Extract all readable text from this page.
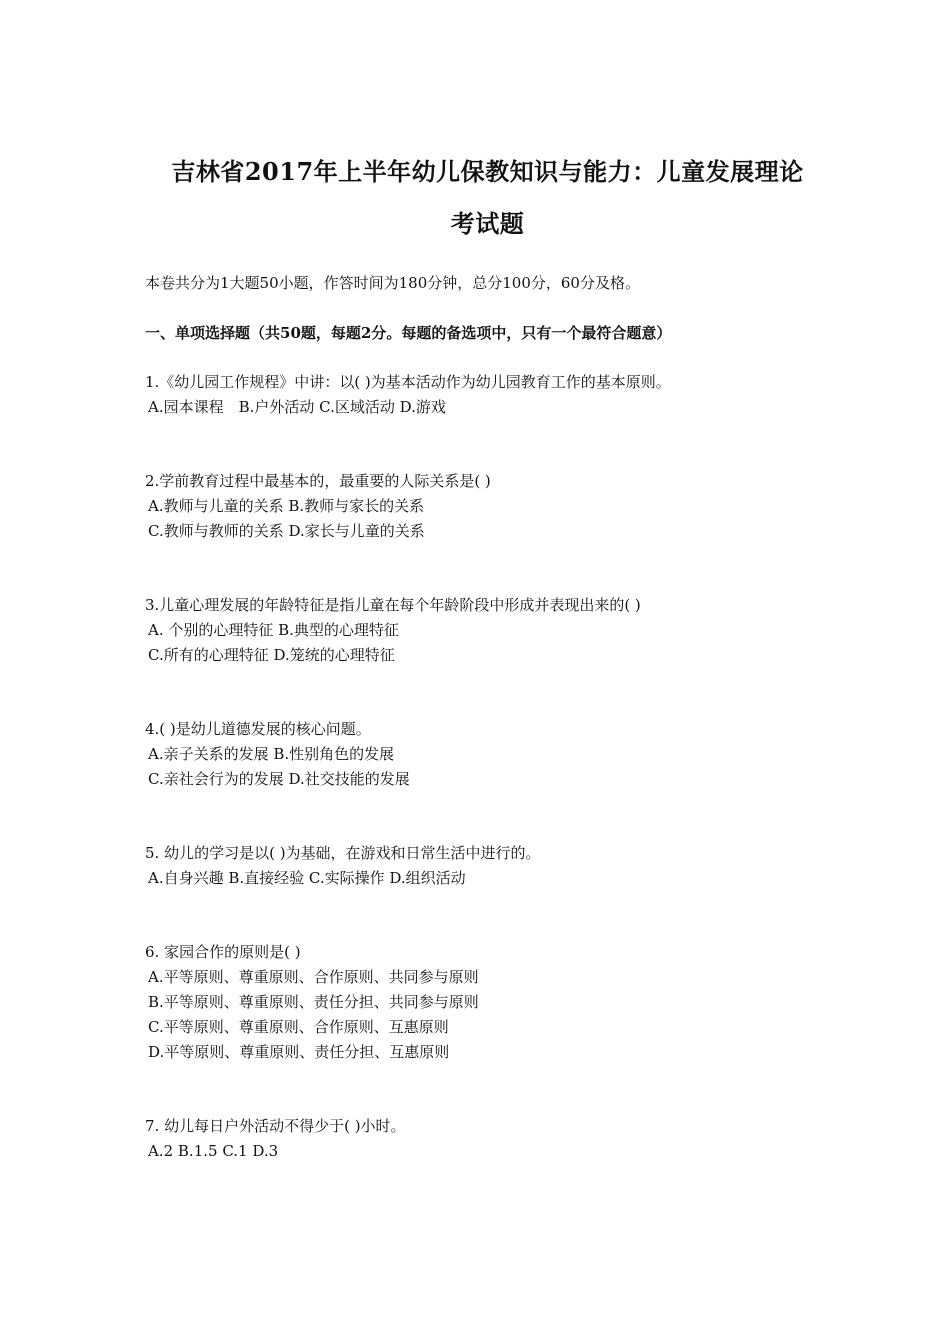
吉林省2017年上半年幼儿保教知识与能力：儿童发展理论
考试题

本卷共分为1大题50小题，作答时间为180分钟，总分100分，60分及格。

一、单项选择题（共50题，每题2分。每题的备选项中，只有一个最符合题意）

1.《幼儿园工作规程》中讲：以( )为基本活动作为幼儿园教育工作的基本原则。
A.园本课程　B.户外活动 C.区域活动 D.游戏
2.学前教育过程中最基本的，最重要的人际关系是( )
A.教师与儿童的关系 B.教师与家长的关系
C.教师与教师的关系 D.家长与儿童的关系
3.儿童心理发展的年龄特征是指儿童在每个年龄阶段中形成并表现出来的( )
A. 个别的心理特征 B.典型的心理特征
C.所有的心理特征 D.笼统的心理特征
4.( )是幼儿道德发展的核心问题。
A.亲子关系的发展 B.性别角色的发展
C.亲社会行为的发展 D.社交技能的发展
5. 幼儿的学习是以( )为基础，在游戏和日常生活中进行的。
A.自身兴趣 B.直接经验 C.实际操作 D.组织活动
6. 家园合作的原则是( )
A.平等原则、尊重原则、合作原则、共同参与原则
B.平等原则、尊重原则、责任分担、共同参与原则
C.平等原则、尊重原则、合作原则、互惠原则
D.平等原则、尊重原则、责任分担、互惠原则
7. 幼儿每日户外活动不得少于( )小时。
A.2 B.1.5 C.1 D.3
